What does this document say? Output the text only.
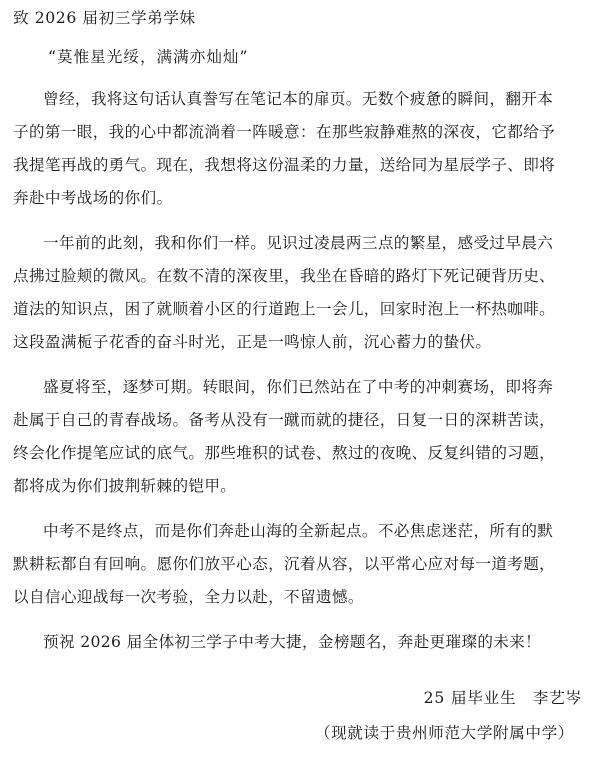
致 2026 届初三学弟学妹
“莫惟星光绥，满满亦灿灿”
曾经，我将这句话认真誊写在笔记本的扉页。无数个疲惫的瞬间，翻开本
子的第一眼，我的心中都流淌着一阵暖意：在那些寂静难熬的深夜，它都给予
我提笔再战的勇气。现在，我想将这份温柔的力量，送给同为星辰学子、即将
奔赴中考战场的你们。
一年前的此刻，我和你们一样。见识过凌晨两三点的繁星，感受过早晨六
点拂过脸颊的微风。在数不清的深夜里，我坐在昏暗的路灯下死记硬背历史、
道法的知识点，困了就顺着小区的行道跑上一会儿，回家时泡上一杯热咖啡。
这段盈满栀子花香的奋斗时光，正是一鸣惊人前，沉心蓄力的蛰伏。
盛夏将至，逐梦可期。转眼间，你们已然站在了中考的冲刺赛场，即将奔
赴属于自己的青春战场。备考从没有一蹴而就的捷径，日复一日的深耕苦读，
终会化作提笔应试的底气。那些堆积的试卷、熬过的夜晚、反复纠错的习题，
都将成为你们披荆斩棘的铠甲。
中考不是终点，而是你们奔赴山海的全新起点。不必焦虑迷茫，所有的默
默耕耘都自有回响。愿你们放平心态，沉着从容，以平常心应对每一道考题，
以自信心迎战每一次考验，全力以赴，不留遗憾。
预祝 2026 届全体初三学子中考大捷，金榜题名，奔赴更璀璨的未来！
25 届毕业生　李艺岑
（现就读于贵州师范大学附属中学）
